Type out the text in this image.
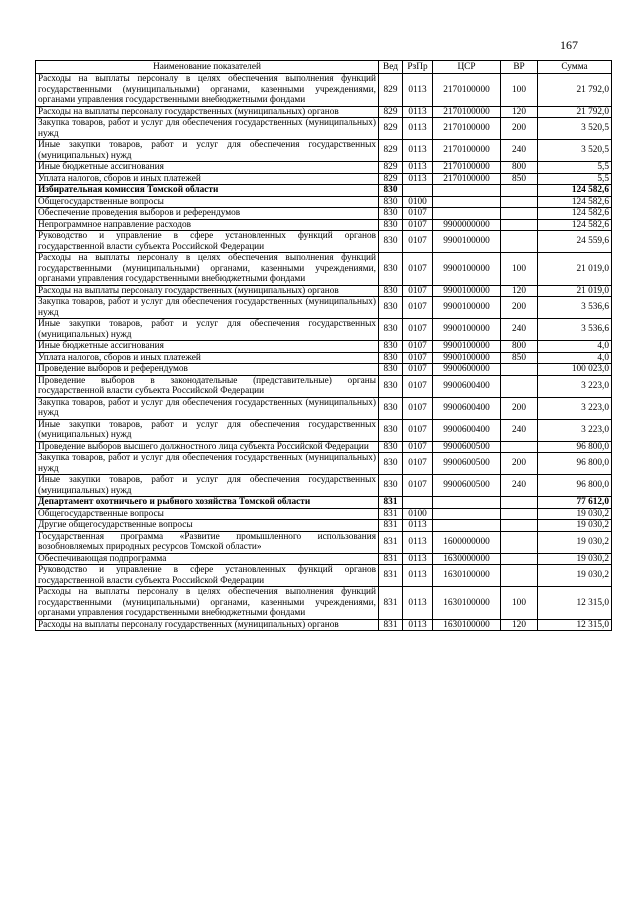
167
Наименование показателей	Вед	РзПр	ЦСР	ВР	Сумма
Расходы на выплаты персоналу в целях обеспечения выполнения функций государственными (муниципальными) органами, казенными учреждениями, органами управления государственными внебюджетными фондами	829	0113	2170100000	100	21 792,0
Расходы на выплаты персоналу государственных (муниципальных) органов	829	0113	2170100000	120	21 792,0
Закупка товаров, работ и услуг для обеспечения государственных (муниципальных) нужд	829	0113	2170100000	200	3 520,5
Иные закупки товаров, работ и услуг для обеспечения государственных (муниципальных) нужд	829	0113	2170100000	240	3 520,5
Иные бюджетные ассигнования	829	0113	2170100000	800	5,5
Уплата налогов, сборов и иных платежей	829	0113	2170100000	850	5,5
Избирательная комиссия Томской области	830				124 582,6
Общегосударственные вопросы	830	0100			124 582,6
Обеспечение проведения выборов и референдумов	830	0107			124 582,6
Непрограммное направление расходов	830	0107	9900000000		124 582,6
Руководство и управление в сфере установленных функций органов государственной власти субъекта Российской Федерации	830	0107	9900100000		24 559,6
Расходы на выплаты персоналу в целях обеспечения выполнения функций государственными (муниципальными) органами, казенными учреждениями, органами управления государственными внебюджетными фондами	830	0107	9900100000	100	21 019,0
Расходы на выплаты персоналу государственных (муниципальных) органов	830	0107	9900100000	120	21 019,0
Закупка товаров, работ и услуг для обеспечения государственных (муниципальных) нужд	830	0107	9900100000	200	3 536,6
Иные закупки товаров, работ и услуг для обеспечения государственных (муниципальных) нужд	830	0107	9900100000	240	3 536,6
Иные бюджетные ассигнования	830	0107	9900100000	800	4,0
Уплата налогов, сборов и иных платежей	830	0107	9900100000	850	4,0
Проведение выборов и референдумов	830	0107	9900600000		100 023,0
Проведение выборов в законодательные (представительные) органы государственной власти субъекта Российской Федерации	830	0107	9900600400		3 223,0
Закупка товаров, работ и услуг для обеспечения государственных (муниципальных) нужд	830	0107	9900600400	200	3 223,0
Иные закупки товаров, работ и услуг для обеспечения государственных (муниципальных) нужд	830	0107	9900600400	240	3 223,0
Проведение выборов высшего должностного лица субъекта Российской Федерации	830	0107	9900600500		96 800,0
Закупка товаров, работ и услуг для обеспечения государственных (муниципальных) нужд	830	0107	9900600500	200	96 800,0
Иные закупки товаров, работ и услуг для обеспечения государственных (муниципальных) нужд	830	0107	9900600500	240	96 800,0
Департамент охотничьего и рыбного хозяйства Томской области	831				77 612,0
Общегосударственные вопросы	831	0100			19 030,2
Другие общегосударственные вопросы	831	0113			19 030,2
Государственная программа «Развитие промышленного использования возобновляемых природных ресурсов Томской области»	831	0113	1600000000		19 030,2
Обеспечивающая подпрограмма	831	0113	1630000000		19 030,2
Руководство и управление в сфере установленных функций органов государственной власти субъекта Российской Федерации	831	0113	1630100000		19 030,2
Расходы на выплаты персоналу в целях обеспечения выполнения функций государственными (муниципальными) органами, казенными учреждениями, органами управления государственными внебюджетными фондами	831	0113	1630100000	100	12 315,0
Расходы на выплаты персоналу государственных (муниципальных) органов	831	0113	1630100000	120	12 315,0
